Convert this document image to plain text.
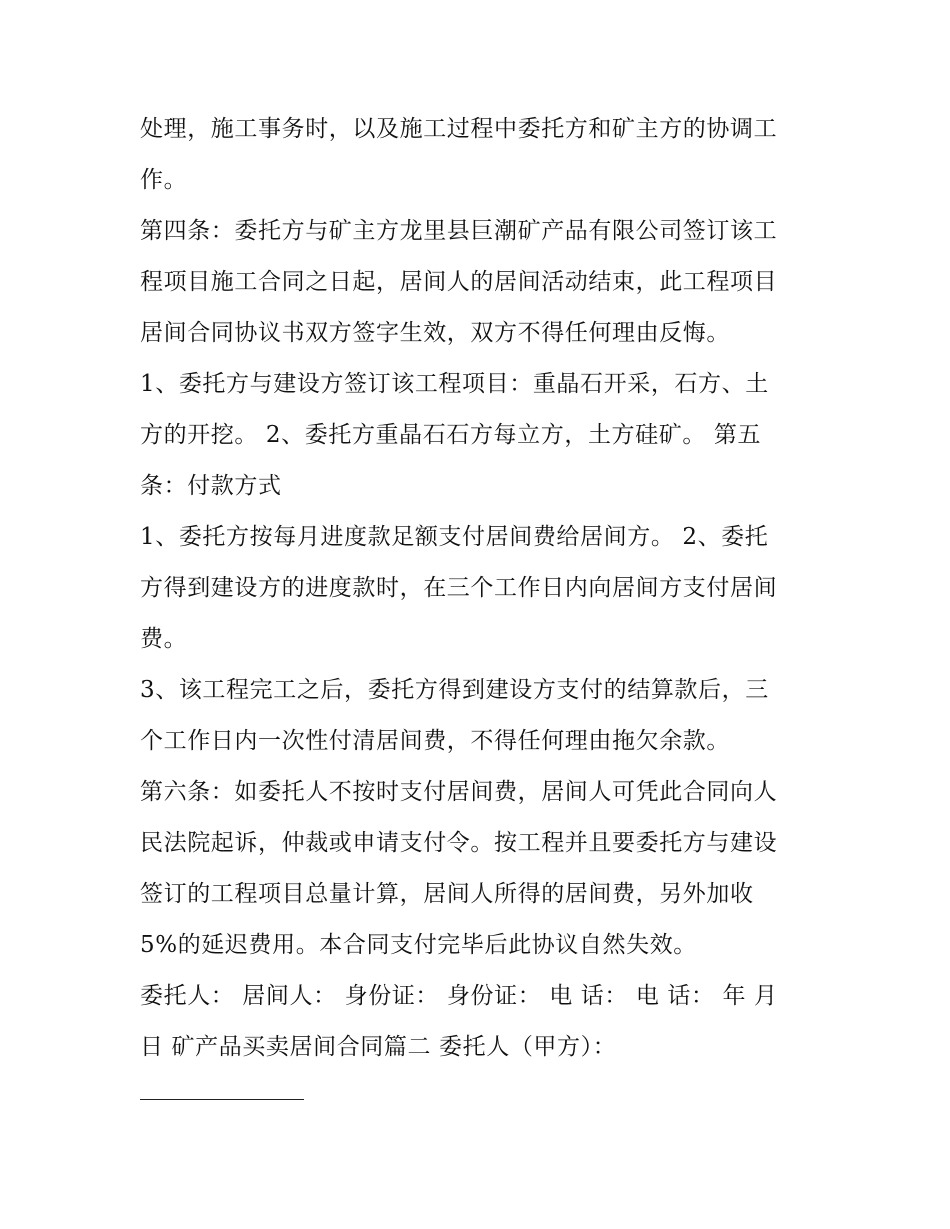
处理，施工事务时，以及施工过程中委托方和矿主方的协调工
作。
第四条：委托方与矿主方龙里县巨潮矿产品有限公司签订该工
程项目施工合同之日起，居间人的居间活动结束，此工程项目
居间合同协议书双方签字生效，双方不得任何理由反悔。
1、委托方与建设方签订该工程项目：重晶石开采，石方、土
方的开挖。 2、委托方重晶石石方每立方，土方硅矿。 第五
条：付款方式
1、委托方按每月进度款足额支付居间费给居间方。 2、委托
方得到建设方的进度款时，在三个工作日内向居间方支付居间
费。
3、该工程完工之后，委托方得到建设方支付的结算款后，三
个工作日内一次性付清居间费，不得任何理由拖欠余款。
第六条：如委托人不按时支付居间费，居间人可凭此合同向人
民法院起诉，仲裁或申请支付令。按工程并且要委托方与建设
签订的工程项目总量计算，居间人所得的居间费，另外加收
5%的延迟费用。本合同支付完毕后此协议自然失效。
委托人： 居间人： 身份证： 身份证： 电 话： 电 话： 年 月
日 矿产品买卖居间合同篇二 委托人（甲方）：
